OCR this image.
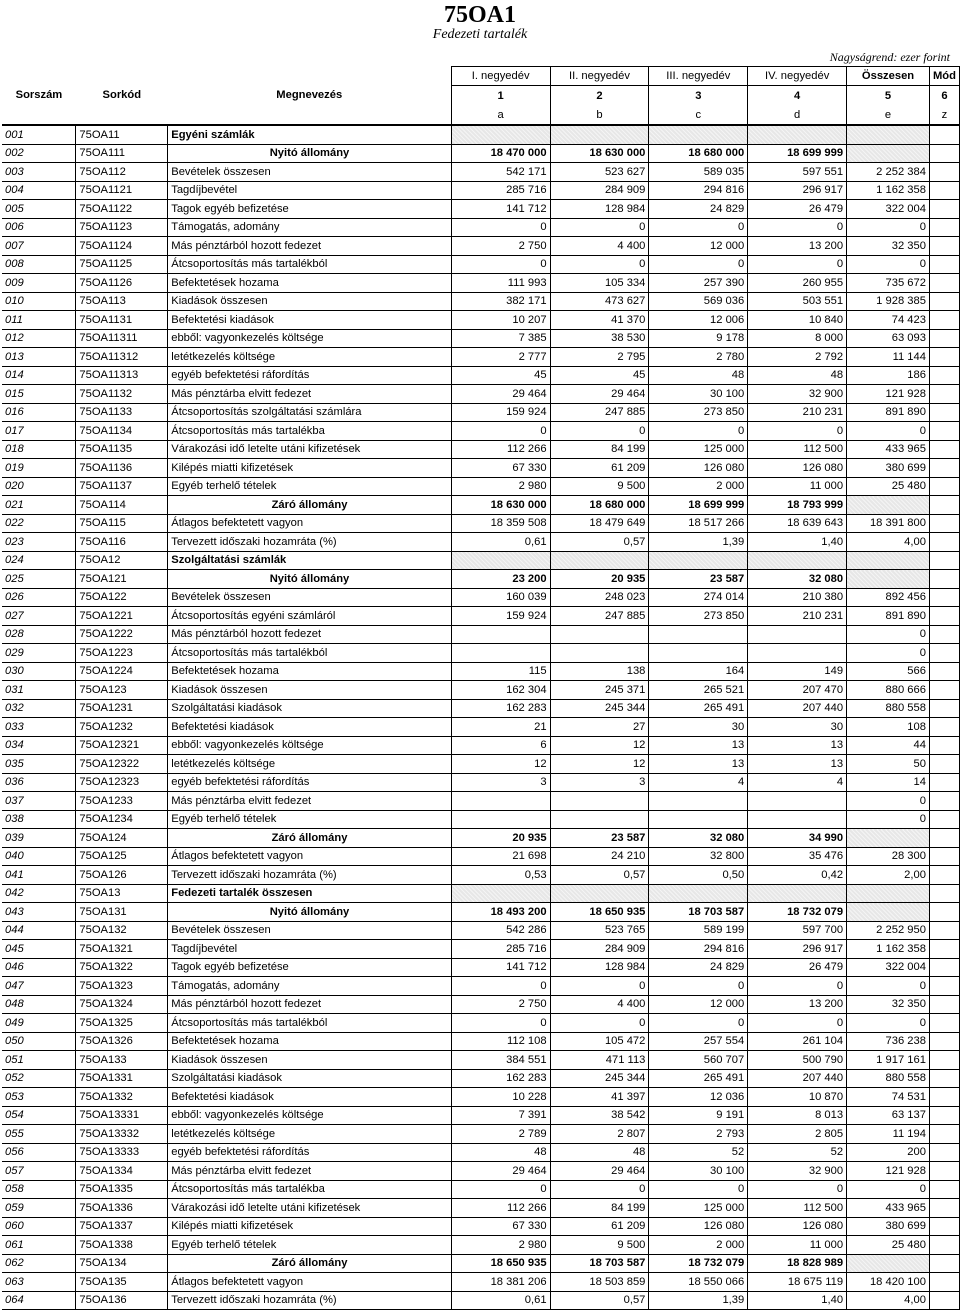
75OA1
Fedezeti tartalék
Nagyságrend: ezer forint
			I. negyedév	II. negyedév	III. negyedév	IV. negyedév	Összesen	Mód
Sorszám	Sorkód	Megnevezés	1	2	3	4	5	6
			a	b	c	d	e	z
001	75OA11	Egyéni számlák						
002	75OA111	Nyitó állomány	18 470 000	18 630 000	18 680 000	18 699 999		
003	75OA112	Bevételek összesen	542 171	523 627	589 035	597 551	2 252 384	
004	75OA1121	Tagdíjbevétel	285 716	284 909	294 816	296 917	1 162 358	
005	75OA1122	Tagok egyéb befizetése	141 712	128 984	24 829	26 479	322 004	
006	75OA1123	Támogatás, adomány	0	0	0	0	0	
007	75OA1124	Más pénztárból hozott fedezet	2 750	4 400	12 000	13 200	32 350	
008	75OA1125	Átcsoportosítás más tartalékból	0	0	0	0	0	
009	75OA1126	Befektetések hozama	111 993	105 334	257 390	260 955	735 672	
010	75OA113	Kiadások összesen	382 171	473 627	569 036	503 551	1 928 385	
011	75OA1131	Befektetési kiadások	10 207	41 370	12 006	10 840	74 423	
012	75OA11311	ebből: vagyonkezelés költsége	7 385	38 530	9 178	8 000	63 093	
013	75OA11312	letétkezelés költsége	2 777	2 795	2 780	2 792	11 144	
014	75OA11313	egyéb befektetési ráfordítás	45	45	48	48	186	
015	75OA1132	Más pénztárba elvitt fedezet	29 464	29 464	30 100	32 900	121 928	
016	75OA1133	Átcsoportosítás szolgáltatási számlára	159 924	247 885	273 850	210 231	891 890	
017	75OA1134	Átcsoportosítás más tartalékba	0	0	0	0	0	
018	75OA1135	Várakozási idő letelte utáni kifizetések	112 266	84 199	125 000	112 500	433 965	
019	75OA1136	Kilépés miatti kifizetések	67 330	61 209	126 080	126 080	380 699	
020	75OA1137	Egyéb terhelő tételek	2 980	9 500	2 000	11 000	25 480	
021	75OA114	Záró állomány	18 630 000	18 680 000	18 699 999	18 793 999		
022	75OA115	Átlagos befektetett vagyon	18 359 508	18 479 649	18 517 266	18 639 643	18 391 800	
023	75OA116	Tervezett időszaki hozamráta (%)	0,61	0,57	1,39	1,40	4,00	
024	75OA12	Szolgáltatási számlák						
025	75OA121	Nyitó állomány	23 200	20 935	23 587	32 080		
026	75OA122	Bevételek összesen	160 039	248 023	274 014	210 380	892 456	
027	75OA1221	Átcsoportosítás egyéni számláról	159 924	247 885	273 850	210 231	891 890	
028	75OA1222	Más pénztárból hozott fedezet					0	
029	75OA1223	Átcsoportosítás más tartalékból					0	
030	75OA1224	Befektetések hozama	115	138	164	149	566	
031	75OA123	Kiadások összesen	162 304	245 371	265 521	207 470	880 666	
032	75OA1231	Szolgáltatási kiadások	162 283	245 344	265 491	207 440	880 558	
033	75OA1232	Befektetési kiadások	21	27	30	30	108	
034	75OA12321	ebből: vagyonkezelés költsége	6	12	13	13	44	
035	75OA12322	letétkezelés költsége	12	12	13	13	50	
036	75OA12323	egyéb befektetési ráfordítás	3	3	4	4	14	
037	75OA1233	Más pénztárba elvitt fedezet					0	
038	75OA1234	Egyéb terhelő tételek					0	
039	75OA124	Záró állomány	20 935	23 587	32 080	34 990		
040	75OA125	Átlagos befektetett vagyon	21 698	24 210	32 800	35 476	28 300	
041	75OA126	Tervezett időszaki hozamráta (%)	0,53	0,57	0,50	0,42	2,00	
042	75OA13	Fedezeti tartalék összesen						
043	75OA131	Nyitó állomány	18 493 200	18 650 935	18 703 587	18 732 079		
044	75OA132	Bevételek összesen	542 286	523 765	589 199	597 700	2 252 950	
045	75OA1321	Tagdíjbevétel	285 716	284 909	294 816	296 917	1 162 358	
046	75OA1322	Tagok egyéb befizetése	141 712	128 984	24 829	26 479	322 004	
047	75OA1323	Támogatás, adomány	0	0	0	0	0	
048	75OA1324	Más pénztárból hozott fedezet	2 750	4 400	12 000	13 200	32 350	
049	75OA1325	Átcsoportosítás más tartalékból	0	0	0	0	0	
050	75OA1326	Befektetések hozama	112 108	105 472	257 554	261 104	736 238	
051	75OA133	Kiadások összesen	384 551	471 113	560 707	500 790	1 917 161	
052	75OA1331	Szolgáltatási kiadások	162 283	245 344	265 491	207 440	880 558	
053	75OA1332	Befektetési kiadások	10 228	41 397	12 036	10 870	74 531	
054	75OA13331	ebből: vagyonkezelés költsége	7 391	38 542	9 191	8 013	63 137	
055	75OA13332	letétkezelés költsége	2 789	2 807	2 793	2 805	11 194	
056	75OA13333	egyéb befektetési ráfordítás	48	48	52	52	200	
057	75OA1334	Más pénztárba elvitt fedezet	29 464	29 464	30 100	32 900	121 928	
058	75OA1335	Átcsoportosítás más tartalékba	0	0	0	0	0	
059	75OA1336	Várakozási idő letelte utáni kifizetések	112 266	84 199	125 000	112 500	433 965	
060	75OA1337	Kilépés miatti kifizetések	67 330	61 209	126 080	126 080	380 699	
061	75OA1338	Egyéb terhelő tételek	2 980	9 500	2 000	11 000	25 480	
062	75OA134	Záró állomány	18 650 935	18 703 587	18 732 079	18 828 989		
063	75OA135	Átlagos befektetett vagyon	18 381 206	18 503 859	18 550 066	18 675 119	18 420 100	
064	75OA136	Tervezett időszaki hozamráta (%)	0,61	0,57	1,39	1,40	4,00	
